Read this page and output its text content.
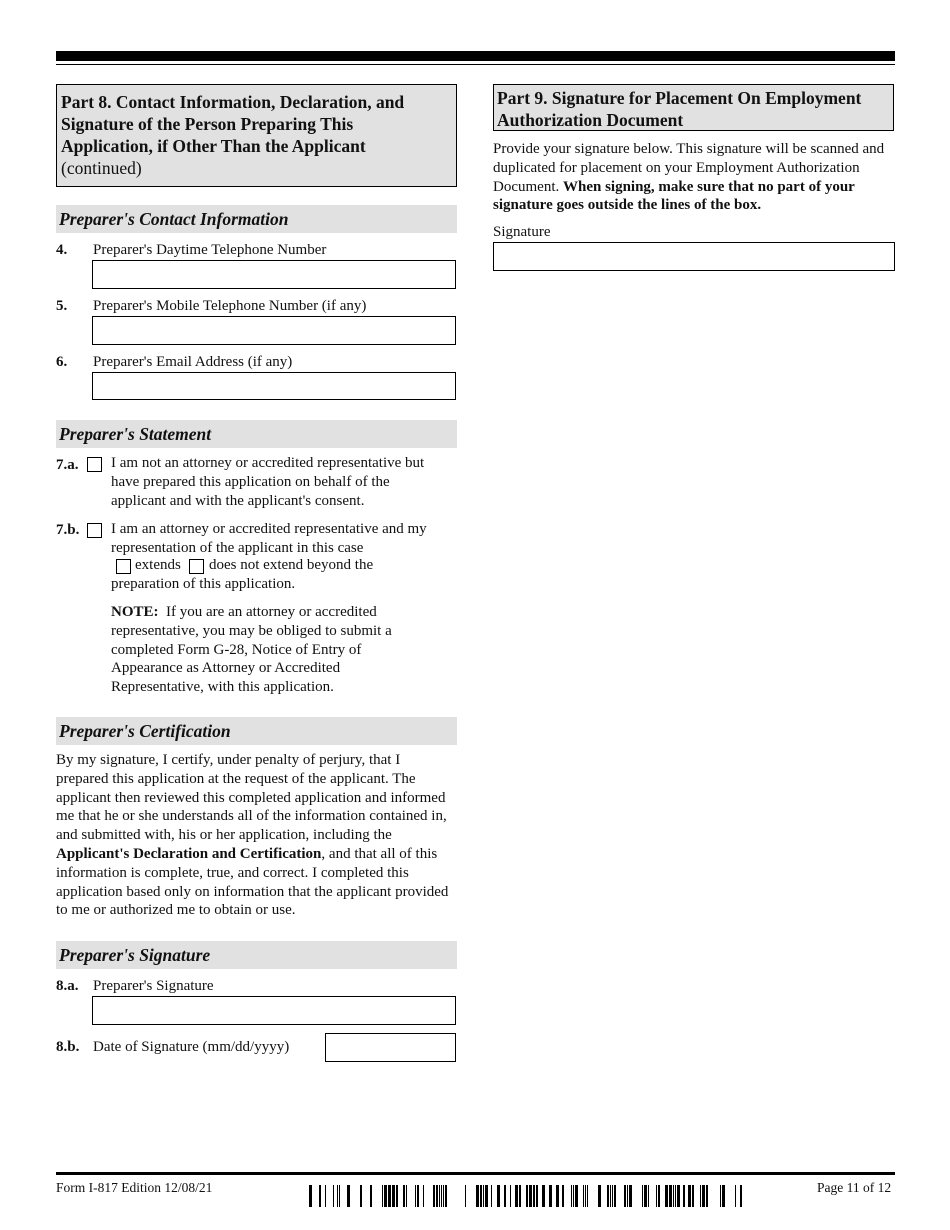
Part 8. Contact Information, Declaration, and Signature of the Person Preparing This Application, if Other Than the Applicant
(continued)
Preparer's Contact Information
4. Preparer's Daytime Telephone Number
5. Preparer's Mobile Telephone Number (if any)
6. Preparer's Email Address (if any)
Preparer's Statement
7.a. I am not an attorney or accredited representative but have prepared this application on behalf of the applicant and with the applicant's consent.
7.b. I am an attorney or accredited representative and my representation of the applicant in this case
extends does not extend beyond the
preparation of this application.
NOTE: If you are an attorney or accredited representative, you may be obliged to submit a completed Form G-28, Notice of Entry of Appearance as Attorney or Accredited Representative, with this application.
Preparer's Certification
By my signature, I certify, under penalty of perjury, that I prepared this application at the request of the applicant. The applicant then reviewed this completed application and informed me that he or she understands all of the information contained in, and submitted with, his or her application, including the Applicant's Declaration and Certification, and that all of this information is complete, true, and correct. I completed this application based only on information that the applicant provided to me or authorized me to obtain or use.
Preparer's Signature
8.a. Preparer's Signature
8.b. Date of Signature (mm/dd/yyyy)
Part 9. Signature for Placement On Employment Authorization Document
Provide your signature below. This signature will be scanned and duplicated for placement on your Employment Authorization Document. When signing, make sure that no part of your signature goes outside the lines of the box.
Signature
Form I-817 Edition 12/08/21	Page 11 of 12
